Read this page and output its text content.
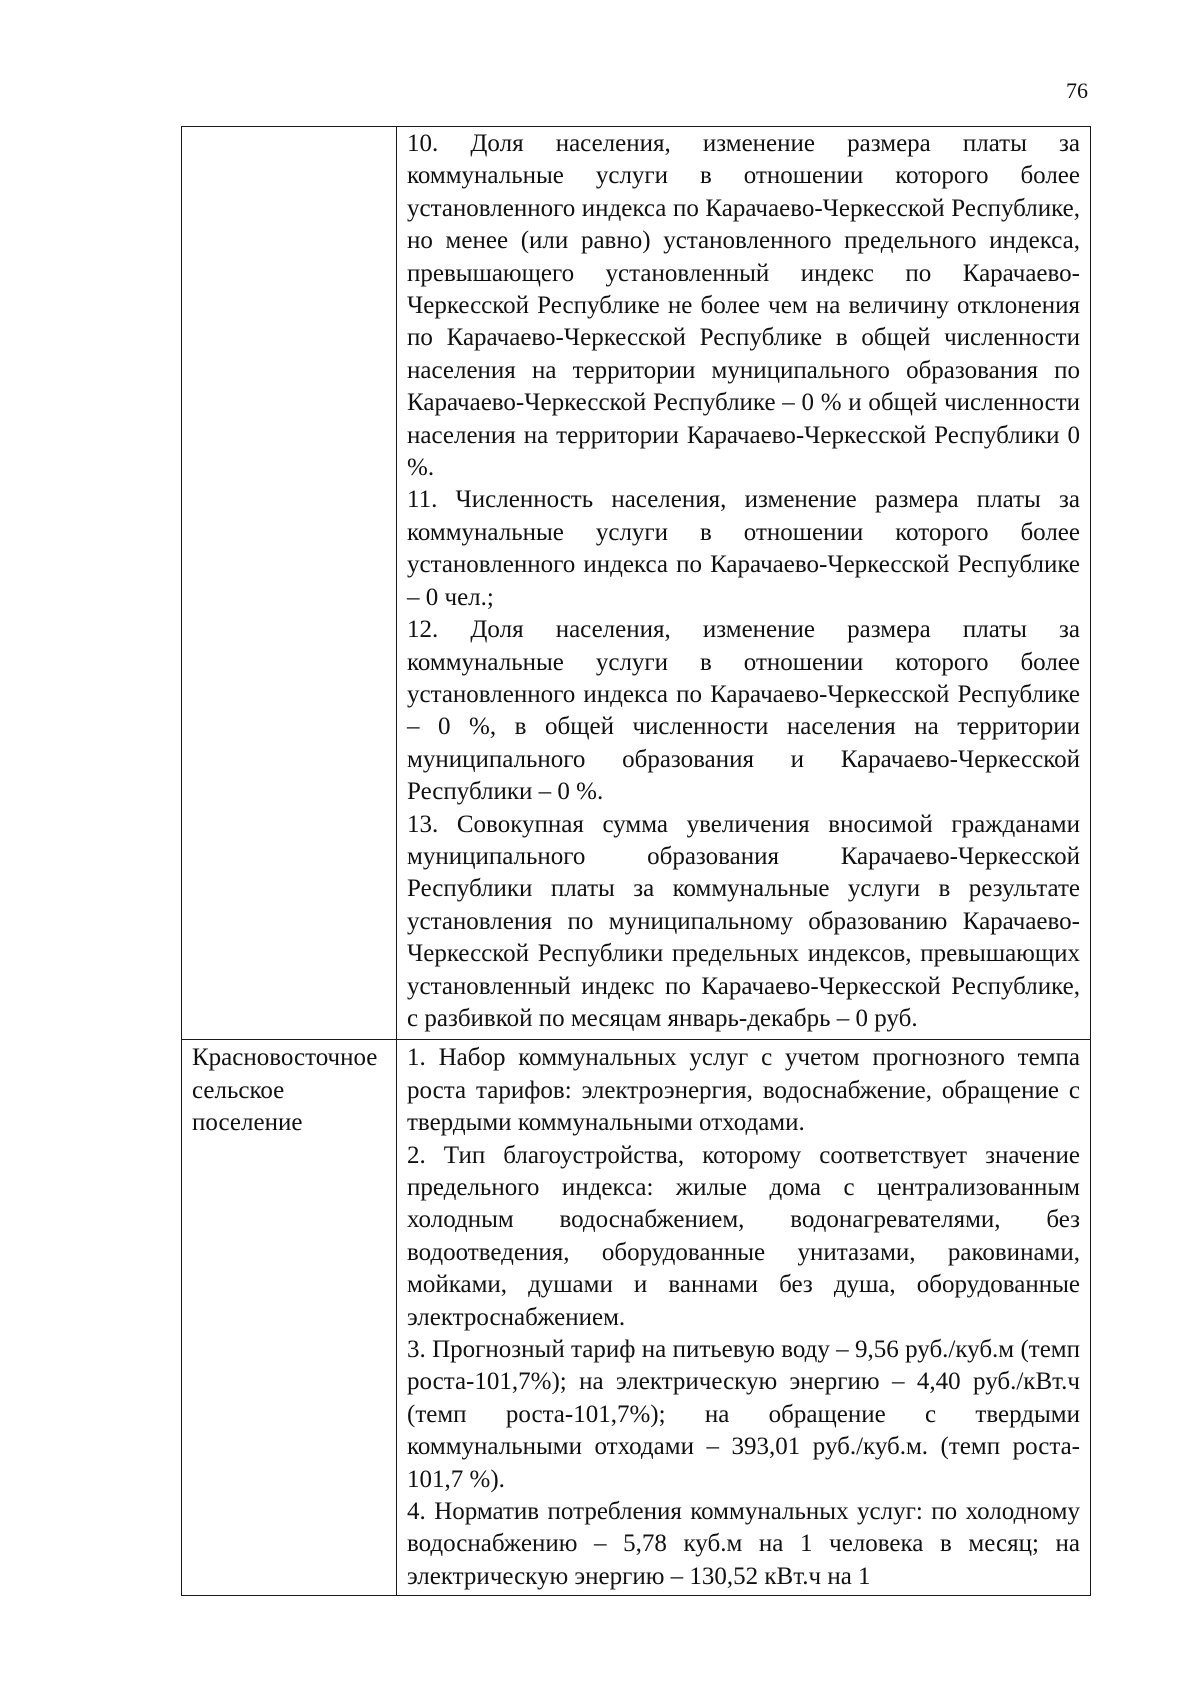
76

	10. Доля населения, изменение размера платы за коммунальные услуги в отношении которого более установленного индекса по Карачаево-Черкесской Республике, но менее (или равно) установленного предельного индекса, превышающего установленный индекс по Карачаево-Черкесской Республике не более чем на величину отклонения по Карачаево-Черкесской Республике в общей численности населения на территории муниципального образования по Карачаево-Черкесской Республике – 0 % и общей численности населения на территории Карачаево-Черкесской Республики 0 %.

11. Численность населения, изменение размера платы за коммунальные услуги в отношении которого более установленного индекса по Карачаево-Черкесской Республике – 0 чел.;

12. Доля населения, изменение размера платы за коммунальные услуги в отношении которого более установленного индекса по Карачаево-Черкесской Республике – 0 %, в общей численности населения на территории муниципального образования и Карачаево-Черкесской Республики – 0 %.

13. Совокупная сумма увеличения вносимой гражданами муниципального образования Карачаево-Черкесской Республики платы за коммунальные услуги в результате установления по муниципальному образованию Карачаево-Черкесской Республики предельных индексов, превышающих установленный индекс по Карачаево-Черкесской Республике, с разбивкой по месяцам январь-декабрь – 0 руб.

Красновосточное сельское поселение	1. Набор коммунальных услуг с учетом прогнозного темпа роста тарифов: электроэнергия, водоснабжение, обращение с твердыми коммунальными отходами.

2. Тип благоустройства, которому соответствует значение предельного индекса: жилые дома с централизованным холодным водоснабжением, водонагревателями, без водоотведения, оборудованные унитазами, раковинами, мойками, душами и ваннами без душа, оборудованные электроснабжением.

3. Прогнозный тариф на питьевую воду – 9,56 руб./куб.м (темп роста-101,7%); на электрическую энергию – 4,40 руб./кВт.ч (темп роста-101,7%); на обращение с твердыми коммунальными отходами – 393,01 руб./куб.м. (темп роста- 101,7 %).

4. Норматив потребления коммунальных услуг: по холодному водоснабжению – 5,78 куб.м на 1 человека в месяц; на электрическую энергию – 130,52 кВт.ч на 1
